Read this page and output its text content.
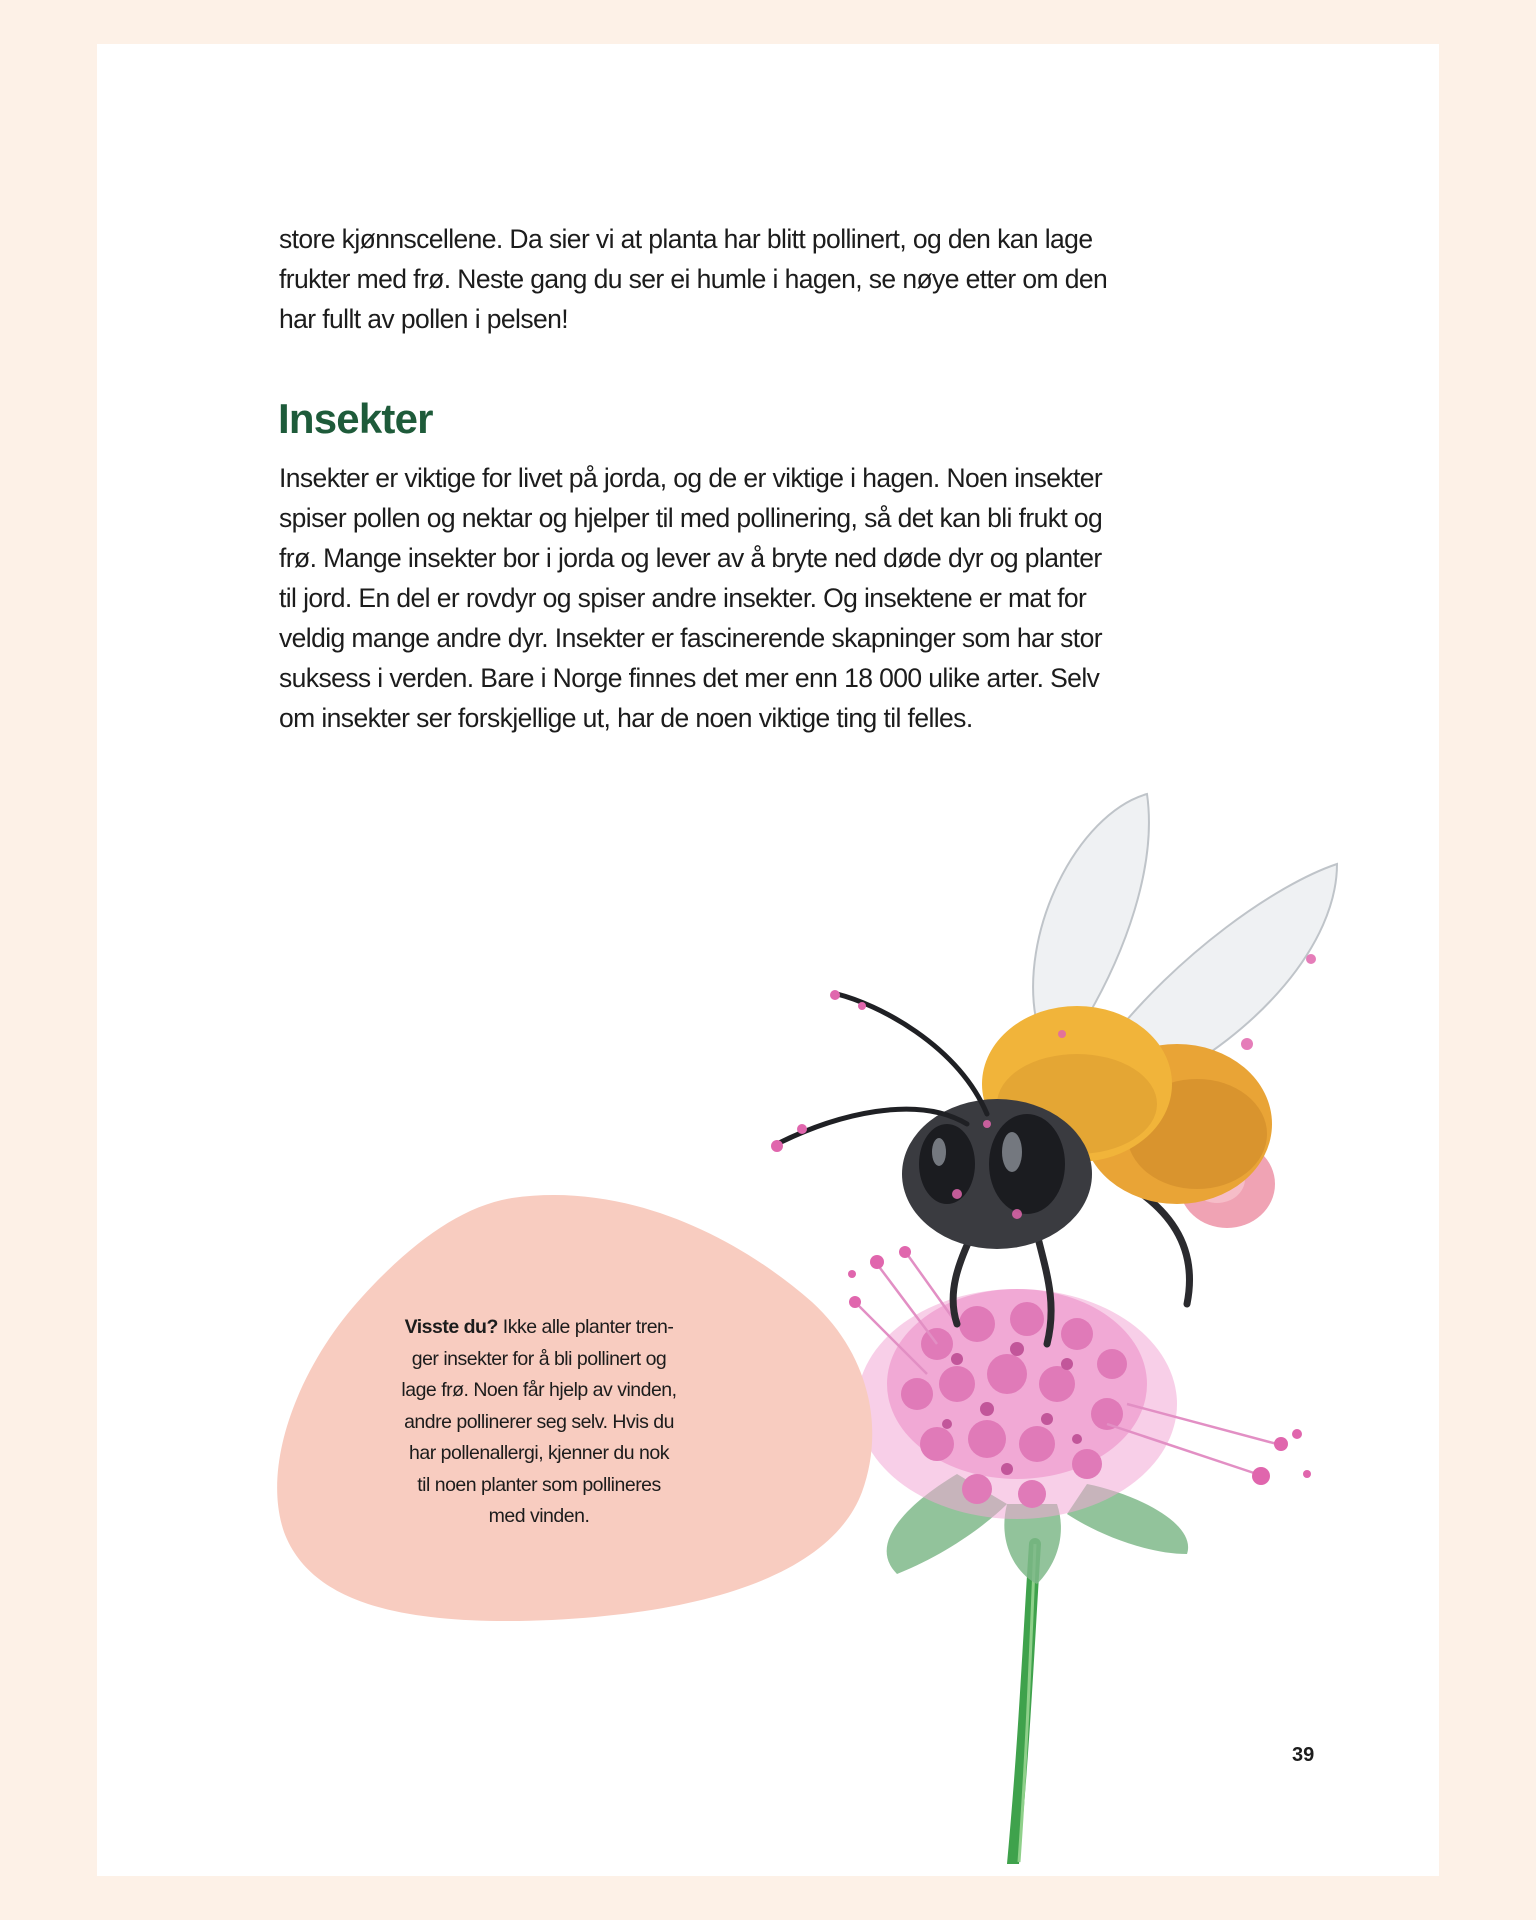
store kjønnscellene. Da sier vi at planta har blitt pollinert, og den kan lage
frukter med frø. Neste gang du ser ei humle i hagen, se nøye etter om den
har fullt av pollen i pelsen!
Insekter
Insekter er viktige for livet på jorda, og de er viktige i hagen. Noen insekter
spiser pollen og nektar og hjelper til med pollinering, så det kan bli frukt og
frø. Mange insekter bor i jorda og lever av å bryte ned døde dyr og planter
til jord. En del er rovdyr og spiser andre insekter. Og insektene er mat for
veldig mange andre dyr. Insekter er fascinerende skapninger som har stor
suksess i verden. Bare i Norge finnes det mer enn 18 000 ulike arter. Selv
om insekter ser forskjellige ut, har de noen viktige ting til felles.
Visste du? Ikke alle planter tren-
ger insekter for å bli pollinert og
lage frø. Noen får hjelp av vinden,
andre pollinerer seg selv. Hvis du
har pollenallergi, kjenner du nok
til noen planter som pollineres
med vinden.
39
